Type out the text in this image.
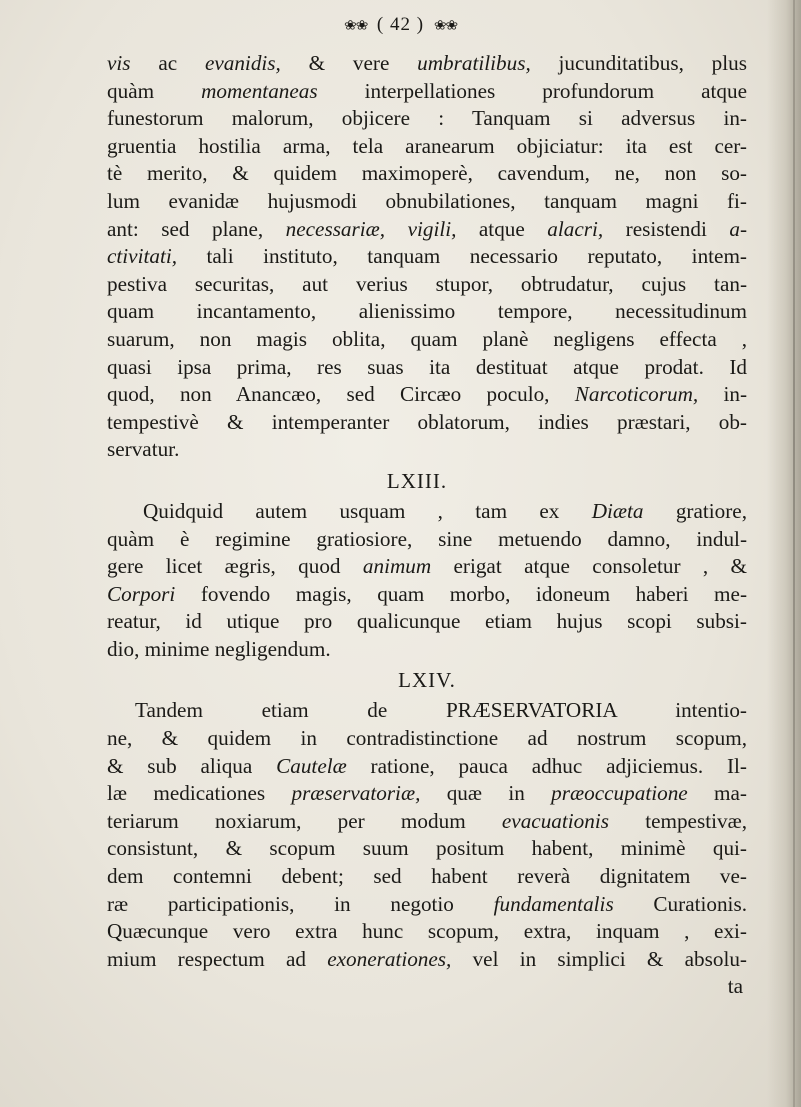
❀❀ ( 42 ) ❀❀
vis ac evanidis, & vere umbratilibus, jucunditatibus, plus
quàm momentaneas interpellationes profundorum atque
funestorum malorum, objicere : Tanquam si adversus in-
gruentia hostilia arma, tela aranearum objiciatur: ita est cer-
tè merito, & quidem maximoperè, cavendum, ne, non so-
lum evanidæ hujusmodi obnubilationes, tanquam magni fi-
ant: sed plane, necessariæ, vigili, atque alacri, resistendi a-
ctivitati, tali instituto, tanquam necessario reputato, intem-
pestiva securitas, aut verius stupor, obtrudatur, cujus tan-
quam incantamento, alienissimo tempore, necessitudinum
suarum, non magis oblita, quam planè negligens effecta ,
quasi ipsa prima, res suas ita destituat atque prodat. Id
quod, non Anancæo, sed Circæo poculo, Narcoticorum, in-
tempestivè & intemperanter oblatorum, indies præstari, ob-
servatur.
LXIII.
Quidquid autem usquam , tam ex Diæta gratiore,
quàm è regimine gratiosiore, sine metuendo damno, indul-
gere licet ægris, quod animum erigat atque consoletur , &
Corpori fovendo magis, quam morbo, idoneum haberi me-
reatur, id utique pro qualicunque etiam hujus scopi subsi-
dio, minime negligendum.
LXIV.
Tandem etiam de PRÆSERVATORIA intentio-
ne, & quidem in contradistinctione ad nostrum scopum,
& sub aliqua Cautelæ ratione, pauca adhuc adjiciemus. Il-
læ medicationes præservatoriæ, quæ in præoccupatione ma-
teriarum noxiarum, per modum evacuationis tempestivæ,
consistunt, & scopum suum positum habent, minimè qui-
dem contemni debent; sed habent reverà dignitatem ve-
ræ participationis, in negotio fundamentalis Curationis.
Quæcunque vero extra hunc scopum, extra, inquam , exi-
mium respectum ad exonerationes, vel in simplici & absolu-
ta
